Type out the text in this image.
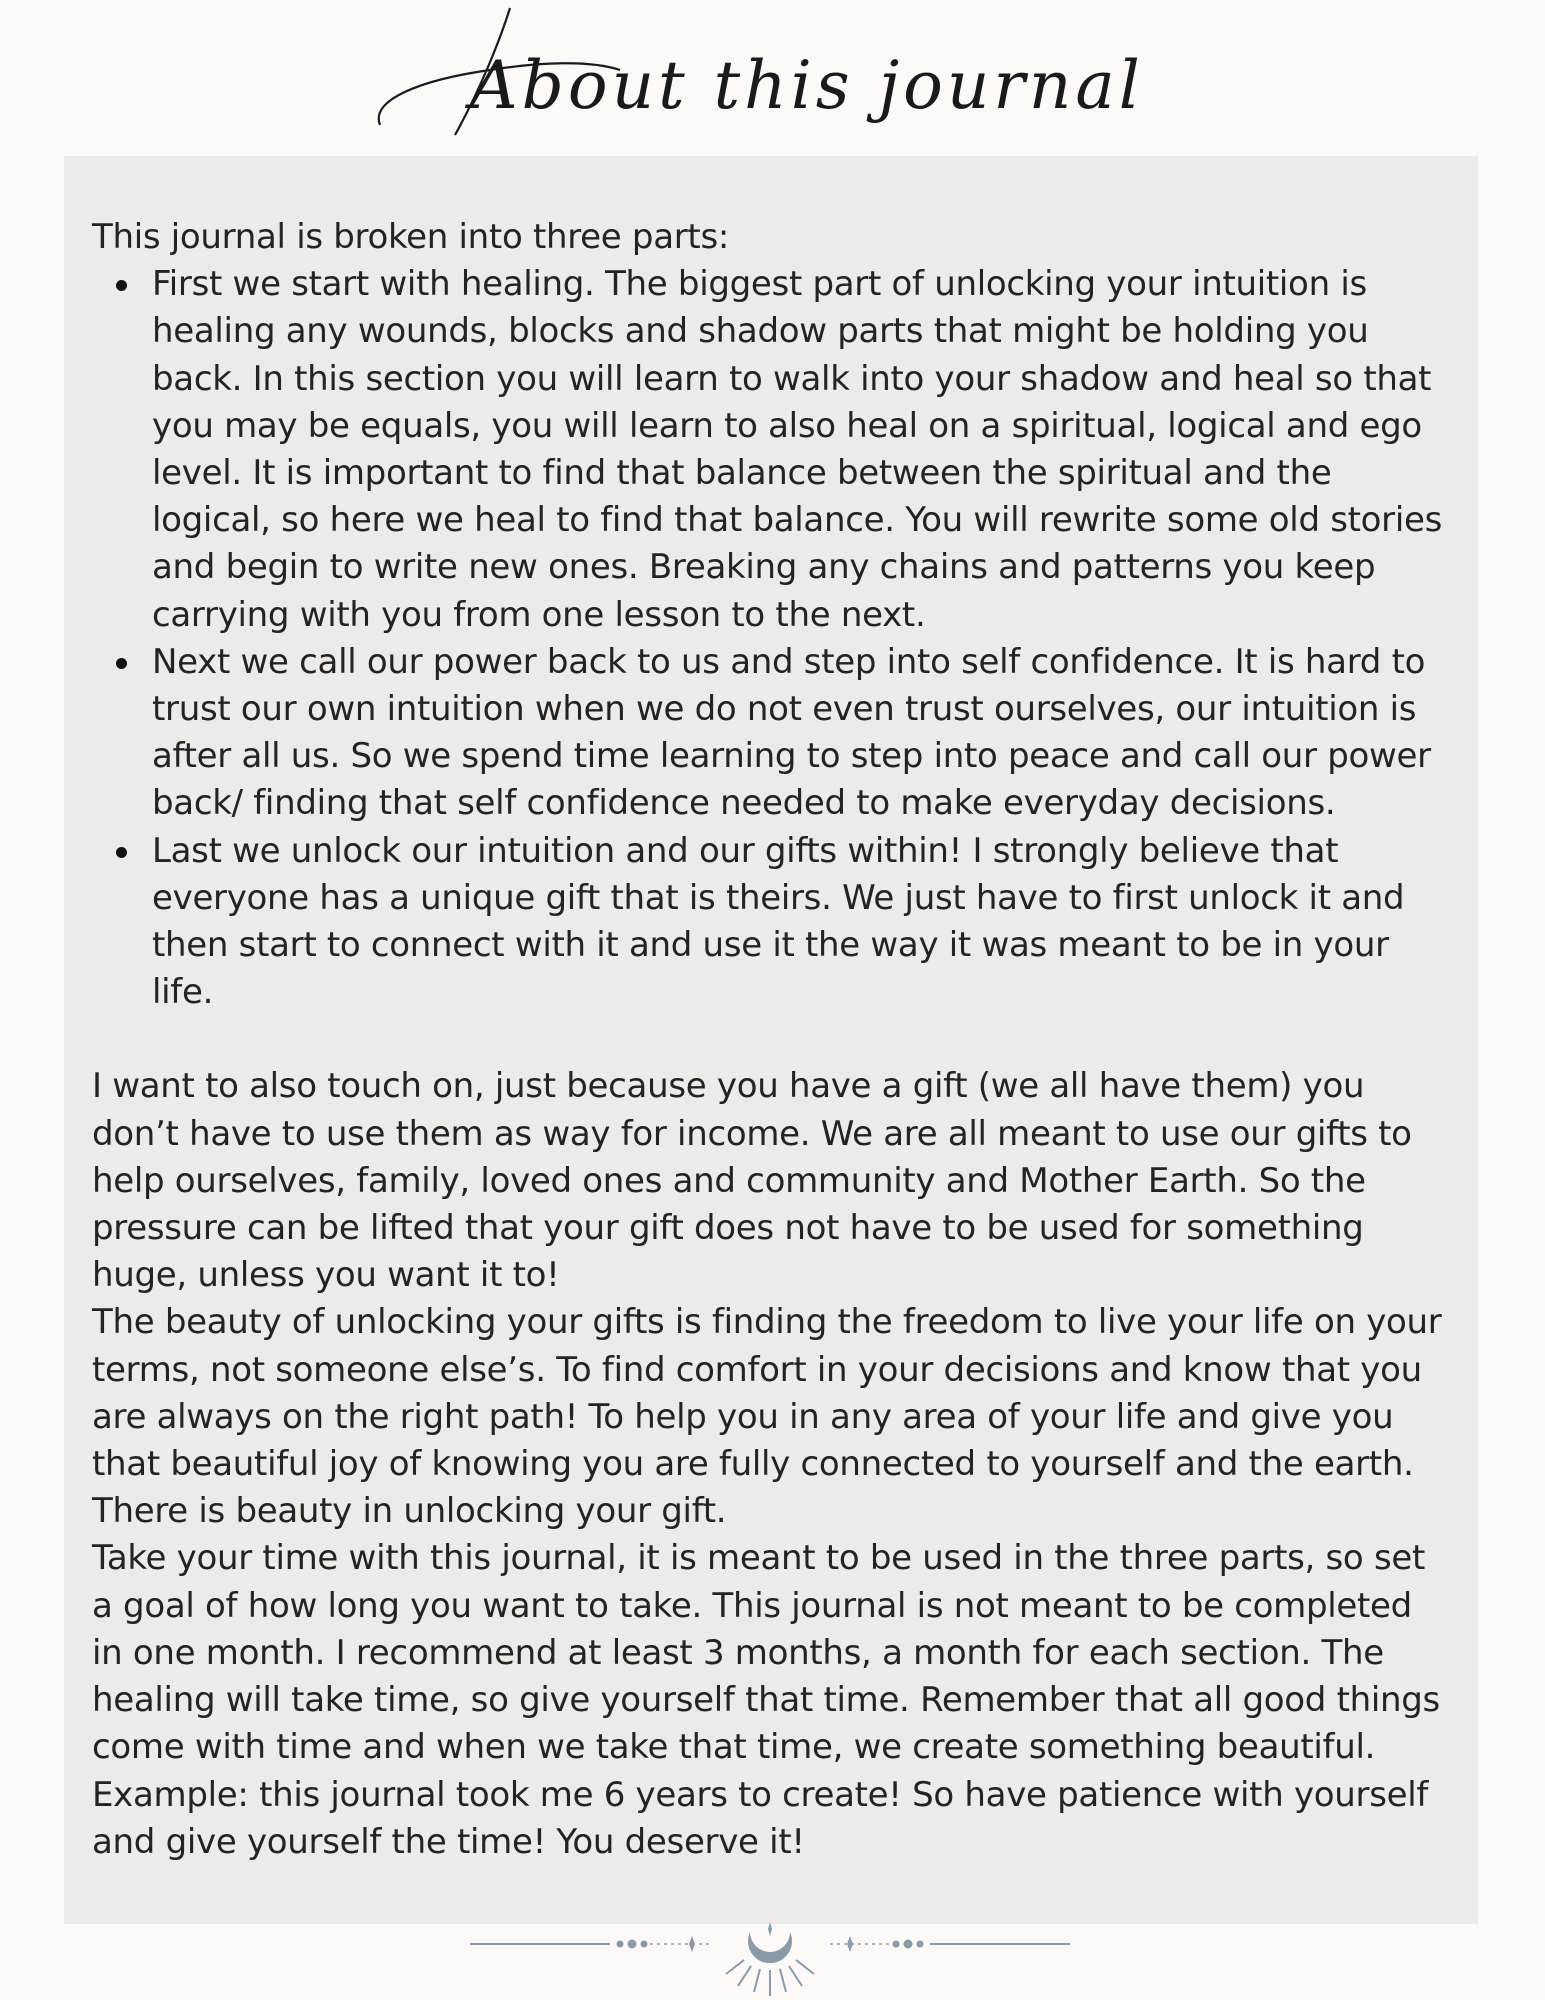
About this journal

This journal is broken into three parts:

First we start with healing. The biggest part of unlocking your intuition is healing any wounds, blocks and shadow parts that might be holding you back. In this section you will learn to walk into your shadow and heal so that you may be equals, you will learn to also heal on a spiritual, logical and ego level. It is important to find that balance between the spiritual and the logical, so here we heal to find that balance. You will rewrite some old stories and begin to write new ones. Breaking any chains and patterns you keep carrying with you from one lesson to the next.
Next we call our power back to us and step into self confidence. It is hard to trust our own intuition when we do not even trust ourselves, our intuition is after all us. So we spend time learning to step into peace and call our power back/ finding that self confidence needed to make everyday decisions.
Last we unlock our intuition and our gifts within! I strongly believe that everyone has a unique gift that is theirs. We just have to first unlock it and then start to connect with it and use it the way it was meant to be in your life.

I want to also touch on, just because you have a gift (we all have them) you don’t have to use them as way for income. We are all meant to use our gifts to help ourselves, family, loved ones and community and Mother Earth. So the pressure can be lifted that your gift does not have to be used for something huge, unless you want it to!

The beauty of unlocking your gifts is finding the freedom to live your life on your terms, not someone else’s. To find comfort in your decisions and know that you are always on the right path! To help you in any area of your life and give you that beautiful joy of knowing you are fully connected to yourself and the earth. There is beauty in unlocking your gift.

Take your time with this journal, it is meant to be used in the three parts, so set a goal of how long you want to take. This journal is not meant to be completed in one month. I recommend at least 3 months, a month for each section. The healing will take time, so give yourself that time. Remember that all good things come with time and when we take that time, we create something beautiful. Example: this journal took me 6 years to create! So have patience with yourself and give yourself the time! You deserve it!
